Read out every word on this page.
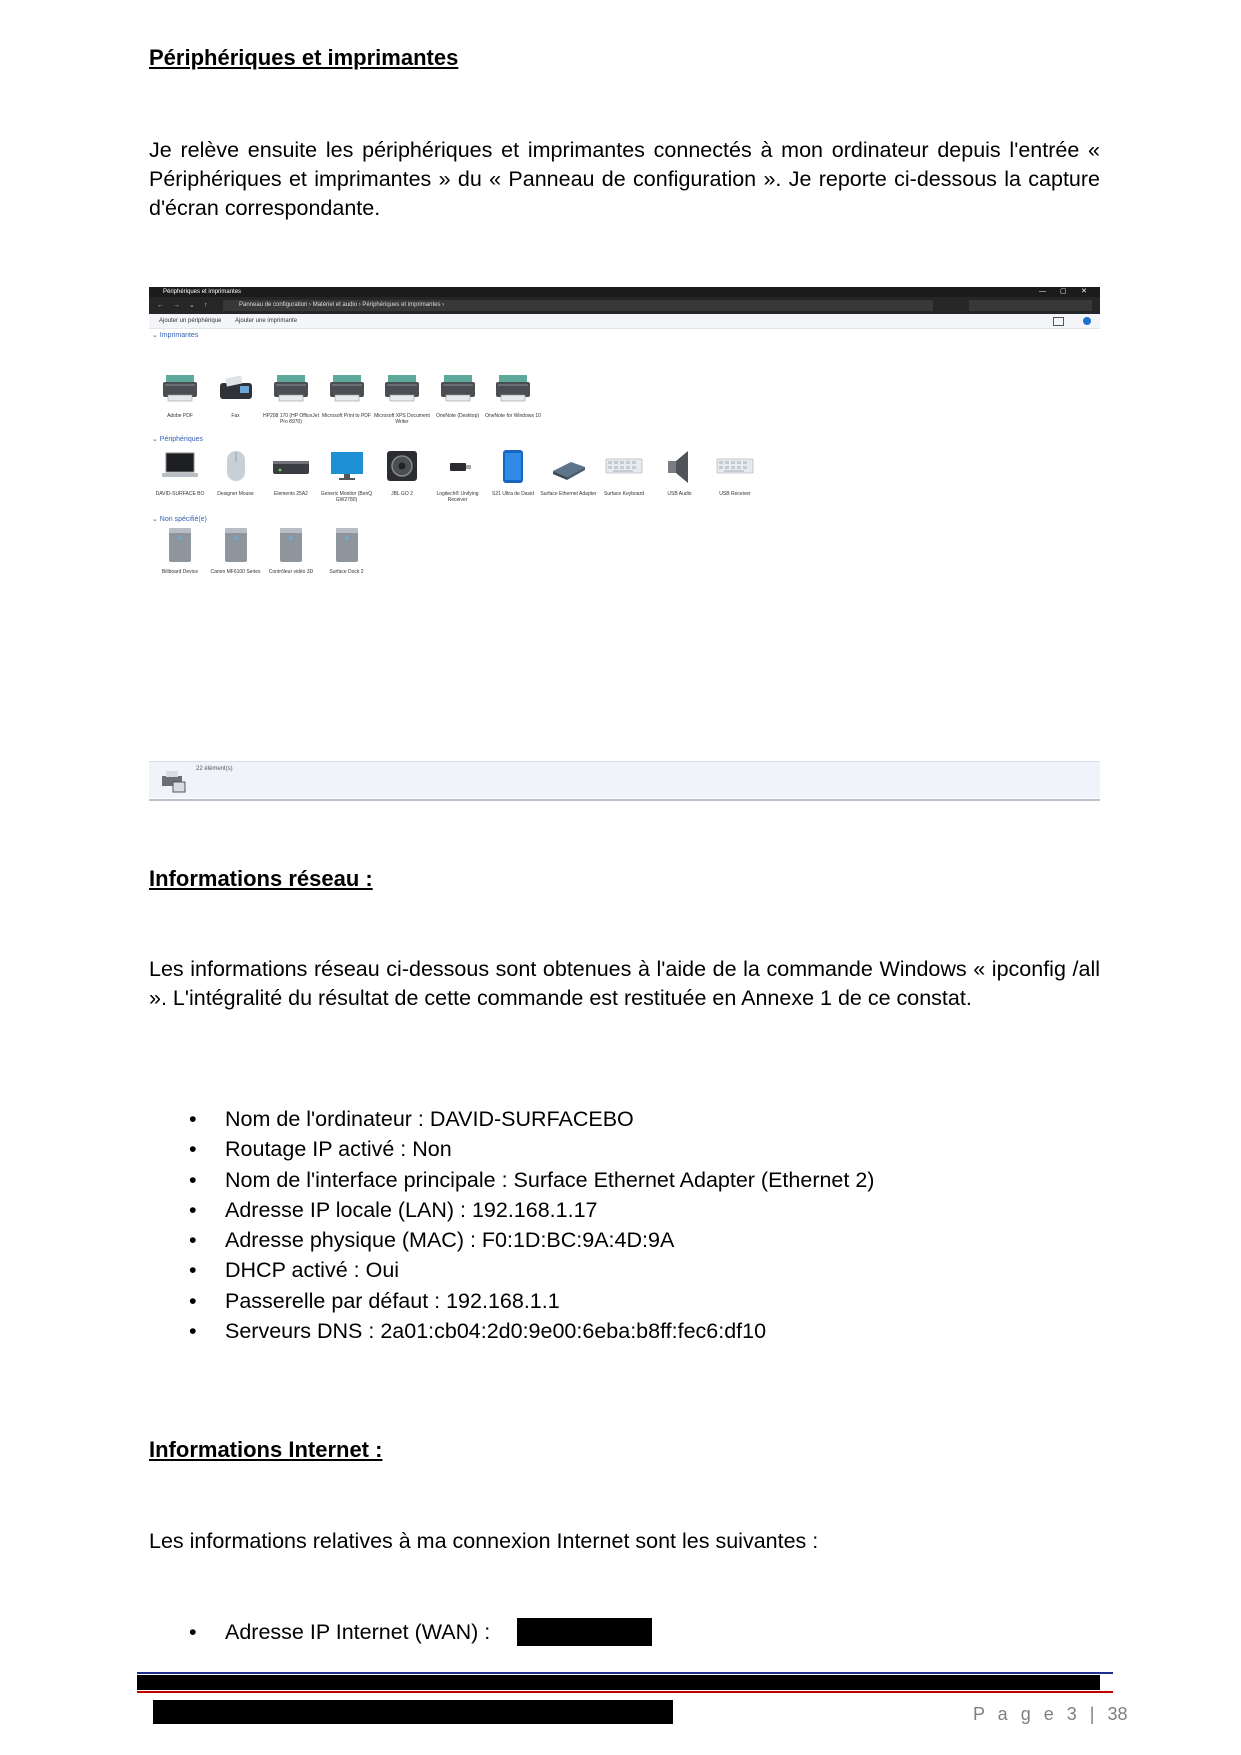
Périphériques et imprimantes
Je relève ensuite les périphériques et imprimantes connectés à mon ordinateur depuis l'entrée « Périphériques et imprimantes » du « Panneau de configuration ». Je reporte ci-dessous la capture d'écran correspondante.
Périphériques et imprimantes	— ▢ ✕
← → ⌄ ↑	Panneau de configuration › Matériel et audio › Périphériques et imprimantes ›
Ajouter un périphérique Ajouter une imprimante
⌄ Imprimantes
Adobe PDF	Fax	HP208 170 (HP OfficeJet Pro 8970)
Microsoft Print to PDF Microsoft XPS Document Writer
OneNote (Desktop)	OneNote for Windows 10
⌄ Périphériques
DAVID-SURFACE BO	Designer Mouse	Elements 25A2	Generic Monitor (BenQ GW2780)
JBL GO 2	Logitech® Unifying Receiver
S21 Ultra de David	Surface Ethernet Adapter	Surface Keyboard	USB Audio	USB Receiver
⌄ Non spécifié(e)
Billboard Device	Canon MF6100 Series	Contrôleur vidéo 3D	Surface Dock 2
22 élément(s)
Informations réseau :
Les informations réseau ci-dessous sont obtenues à l'aide de la commande Windows « ipconfig /all ». L'intégralité du résultat de cette commande est restituée en Annexe 1 de ce constat.
• Nom de l'ordinateur : DAVID-SURFACEBO
• Routage IP activé : Non
• Nom de l'interface principale : Surface Ethernet Adapter (Ethernet 2)
• Adresse IP locale (LAN) : 192.168.1.17
• Adresse physique (MAC) : F0:1D:BC:9A:4D:9A
• DHCP activé : Oui
• Passerelle par défaut : 192.168.1.1
• Serveurs DNS : 2a01:cb04:2d0:9e00:6eba:b8ff:fec6:df10
Informations Internet :
Les informations relatives à ma connexion Internet sont les suivantes :
• Adresse IP Internet (WAN) :
P a g e 3 | 38
